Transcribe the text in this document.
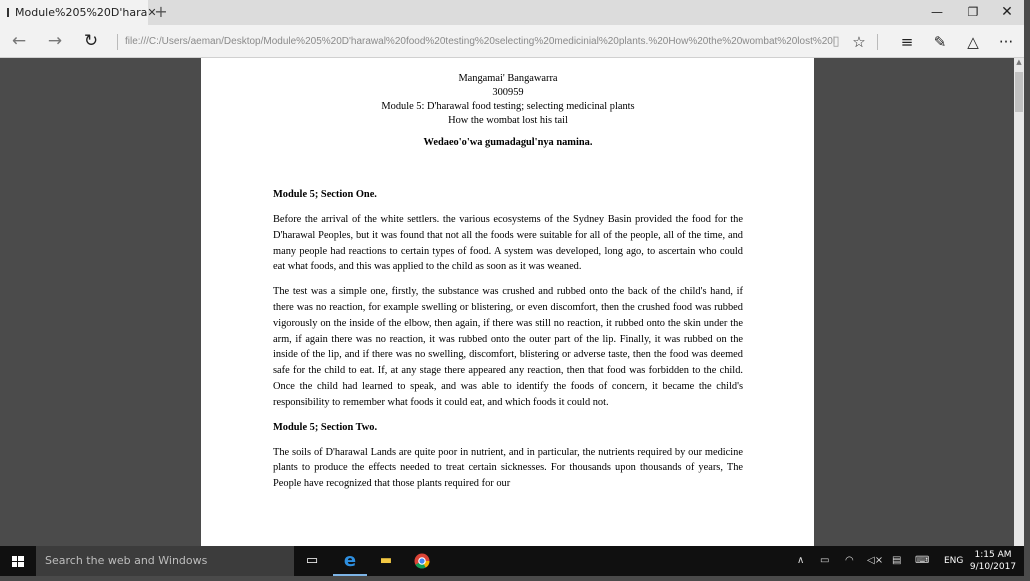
Module%205%20D'hara ✕
+	—	❐	✕
←	→	↻	file:///C:/Users/aeman/Desktop/Module%205%20D'harawal%20food%20testing%20selecting%20medicinial%20plants.%20How%20the%20wombat%20lost%20l
▯ ☆	≡	✎	△	···
Mangamai' Bangawarra
300959
Module 5: D'harawal food testing; selecting medicinal plants
How the wombat lost his tail
Wedaeo'o'wa gumadagul'nya namina.
Module 5; Section One.
Before the arrival of the white settlers. the various ecosystems of the Sydney Basin provided the food for the D'harawal Peoples, but it was found that not all the foods were suitable for all of the people, all of the time, and many people had reactions to certain types of food. A system was developed, long ago, to ascertain who could eat what foods, and this was applied to the child as soon as it was weaned.
The test was a simple one, firstly, the substance was crushed and rubbed onto the back of the child's hand, if there was no reaction, for example swelling or blistering, or even discomfort, then the crushed food was rubbed vigorously on the inside of the elbow, then again, if there was still no reaction, it rubbed onto the skin under the arm, if again there was no reaction, it was rubbed onto the outer part of the lip. Finally, it was rubbed on the inside of the lip, and if there was no swelling, discomfort, blistering or adverse taste, then the food was deemed safe for the child to eat. If, at any stage there appeared any reaction, then that food was forbidden to the child. Once the child had learned to speak, and was able to identify the foods of concern, it became the child's responsibility to remember what foods it could eat, and which foods it could not.
Module 5; Section Two.
The soils of D'harawal Lands are quite poor in nutrient, and in particular, the nutrients required by our medicine plants to produce the effects needed to treat certain sicknesses. For thousands upon thousands of years, The People have recognized that those plants required for our
▲
Search the web and Windows	▭	e	▬	∧ ▭ ◠ ◁× ▤ ⌨ ENG
1:15 AM
9/10/2017
